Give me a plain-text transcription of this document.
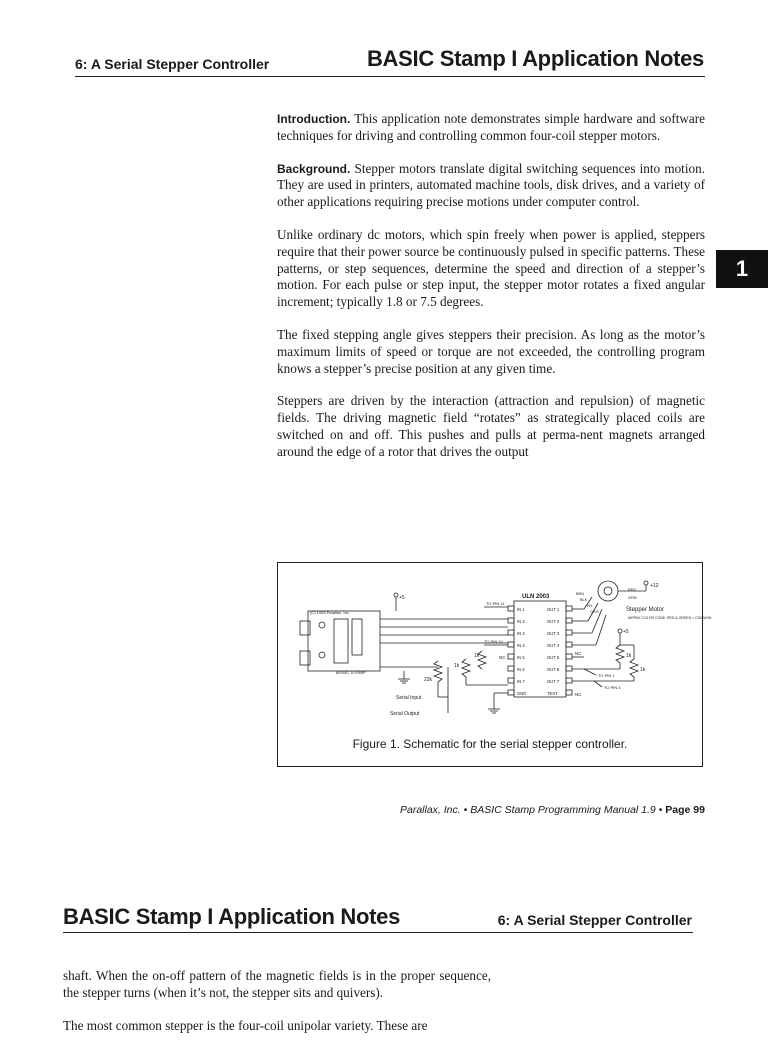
6: A Serial Stepper Controller	BASIC Stamp I Application Notes
1

Introduction. This application note demonstrates simple hardware and software techniques for driving and controlling common four-coil stepper motors.

Background. Stepper motors translate digital switching sequences into motion. They are used in printers, automated machine tools, disk drives, and a variety of other applications requiring precise motions under computer control.

Unlike ordinary dc motors, which spin freely when power is applied, steppers require that their power source be continuously pulsed in specific patterns. These patterns, or step sequences, determine the speed and direction of a stepper’s motion. For each pulse or step input, the stepper motor rotates a fixed angular increment; typically 1.8 or 7.5 degrees.

The fixed stepping angle gives steppers their precision. As long as the motor’s maximum limits of speed or torque are not exceeded, the controlling program knows a stepper’s precise position at any given time.

Steppers are driven by the interaction (attraction and repulsion) of magnetic fields. The driving magnetic field “rotates” as strategically placed coils are switched on and off. This pushes and pulls at perma-nent magnets arranged around the edge of a rotor that drives the output

(C) 1993 Parallax, Inc.
BASIC STAMP
+5
22k
Serial Input
Serial Output
ULN 2003
IN 1
IN 2
IN 3
IN 4
IN 5
IN 6
IN 7
GND
OUT 1
OUT 2
OUT 3
OUT 4
OUT 5
OUT 6
OUT 7
TEST
TO PIN 11
TO PIN 10
1k
1k
NC
BRN
BLK
YEL
ORG	Stepper Motor
AIRPAX COLOR CODE: RED & GREEN = COMMON
RED
GRN
+12
+5
1k
1k
NC
TO PIN 1
TO PIN 4
NC
Figure 1. Schematic for the serial stepper controller.
Parallax, Inc. • BASIC Stamp Programming Manual 1.9 • Page 99
BASIC Stamp I Application Notes	6: A Serial Stepper Controller

shaft. When the on-off pattern of the magnetic fields is in the proper sequence, the stepper turns (when it’s not, the stepper sits and quivers).

The most common stepper is the four-coil unipolar variety. These are
